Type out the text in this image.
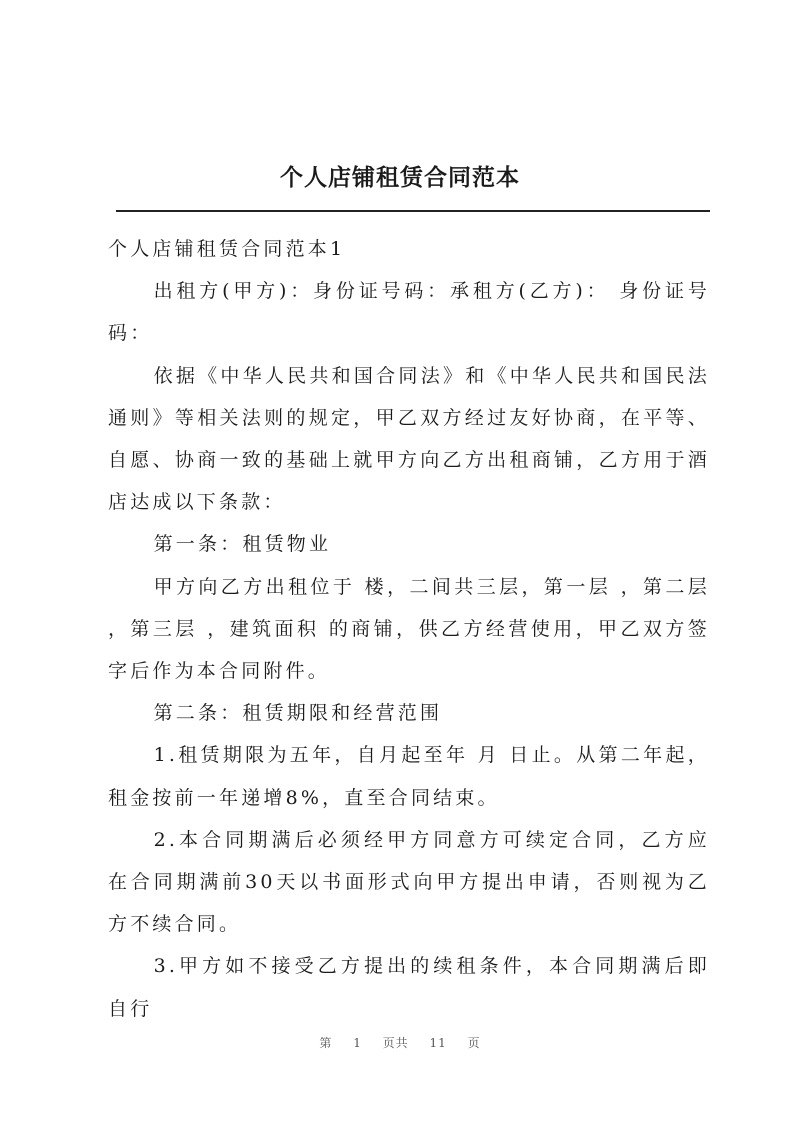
个人店铺租赁合同范本

个人店铺租赁合同范本1

出租方(甲方)：身份证号码：承租方(乙方)： 身份证号码：

依据《中华人民共和国合同法》和《中华人民共和国民法通则》等相关法则的规定，甲乙双方经过友好协商，在平等、自愿、协商一致的基础上就甲方向乙方出租商铺，乙方用于酒店达成以下条款：

第一条：租赁物业

甲方向乙方出租位于 楼，二间共三层，第一层 ，第二层 ，第三层 ，建筑面积 的商铺，供乙方经营使用，甲乙双方签字后作为本合同附件。

第二条：租赁期限和经营范围

1.租赁期限为五年，自月起至年 月 日止。从第二年起，租金按前一年递增8%，直至合同结束。

2.本合同期满后必须经甲方同意方可续定合同，乙方应在合同期满前30天以书面形式向甲方提出申请，否则视为乙方不续合同。

3.甲方如不接受乙方提出的续租条件，本合同期满后即自行

第 1 页共 11 页
